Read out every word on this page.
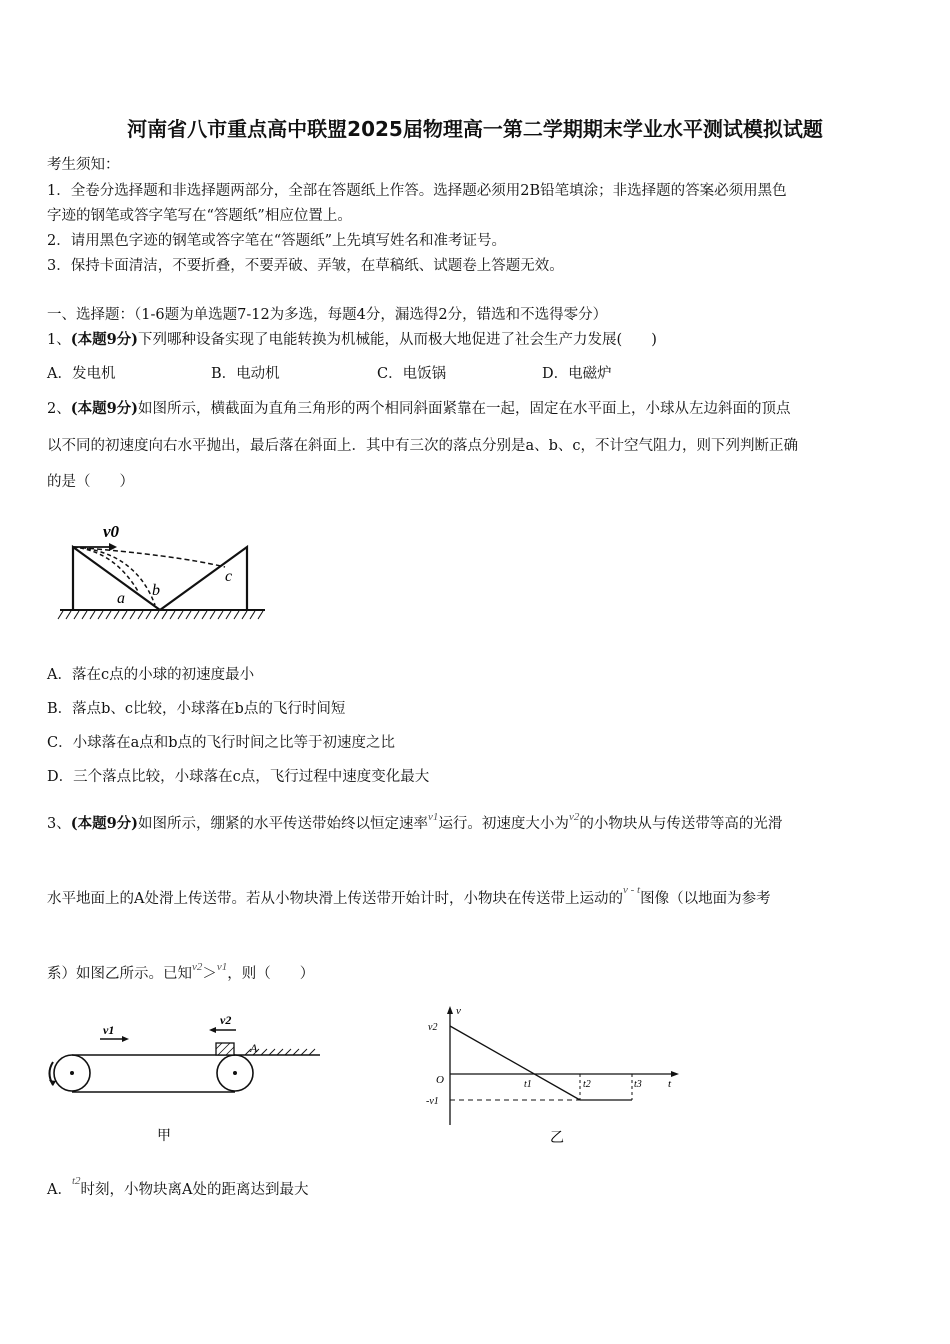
河南省八市重点高中联盟2025届物理高一第二学期期末学业水平测试模拟试题
考生须知：
1．全卷分选择题和非选择题两部分，全部在答题纸上作答。选择题必须用2B铅笔填涂；非选择题的答案必须用黑色
字迹的钢笔或答字笔写在“答题纸”相应位置上。
2．请用黑色字迹的钢笔或答字笔在“答题纸”上先填写姓名和准考证号。
3．保持卡面清洁，不要折叠，不要弄破、弄皱，在草稿纸、试题卷上答题无效。
一、选择题：（1-6题为单选题7-12为多选，每题4分，漏选得2分，错选和不选得零分）
1、(本题9分)下列哪种设备实现了电能转换为机械能，从而极大地促进了社会生产力发展(　　)
A．发电机	B．电动机	C．电饭锅	D．电磁炉
2、(本题9分)如图所示，横截面为直角三角形的两个相同斜面紧靠在一起，固定在水平面上，小球从左边斜面的顶点
以不同的初速度向右水平抛出，最后落在斜面上．其中有三次的落点分别是a、b、c，不计空气阻力，则下列判断正确
的是（　　）
v0
a b
c
A．落在c点的小球的初速度最小
B．落点b、c比较，小球落在b点的飞行时间短
C．小球落在a点和b点的飞行时间之比等于初速度之比
D．三个落点比较，小球落在c点，飞行过程中速度变化最大
3、(本题9分)如图所示，绷紧的水平传送带始终以恒定速率$^{v1}$运行。初速度大小为$^{v2}$的小物块从与传送带等高的光滑
水平地面上的A处滑上传送带。若从小物块滑上传送带开始计时，小物块在传送带上运动的$^{v - t}$图像（以地面为参考
系）如图乙所示。已知$^{v2}$＞$^{v1}$，则（　　）
A
v1
v2
甲
v
t
O
v2
-v1
t1	t2	t3
乙
A．$^{t2}$时刻，小物块离A处的距离达到最大
